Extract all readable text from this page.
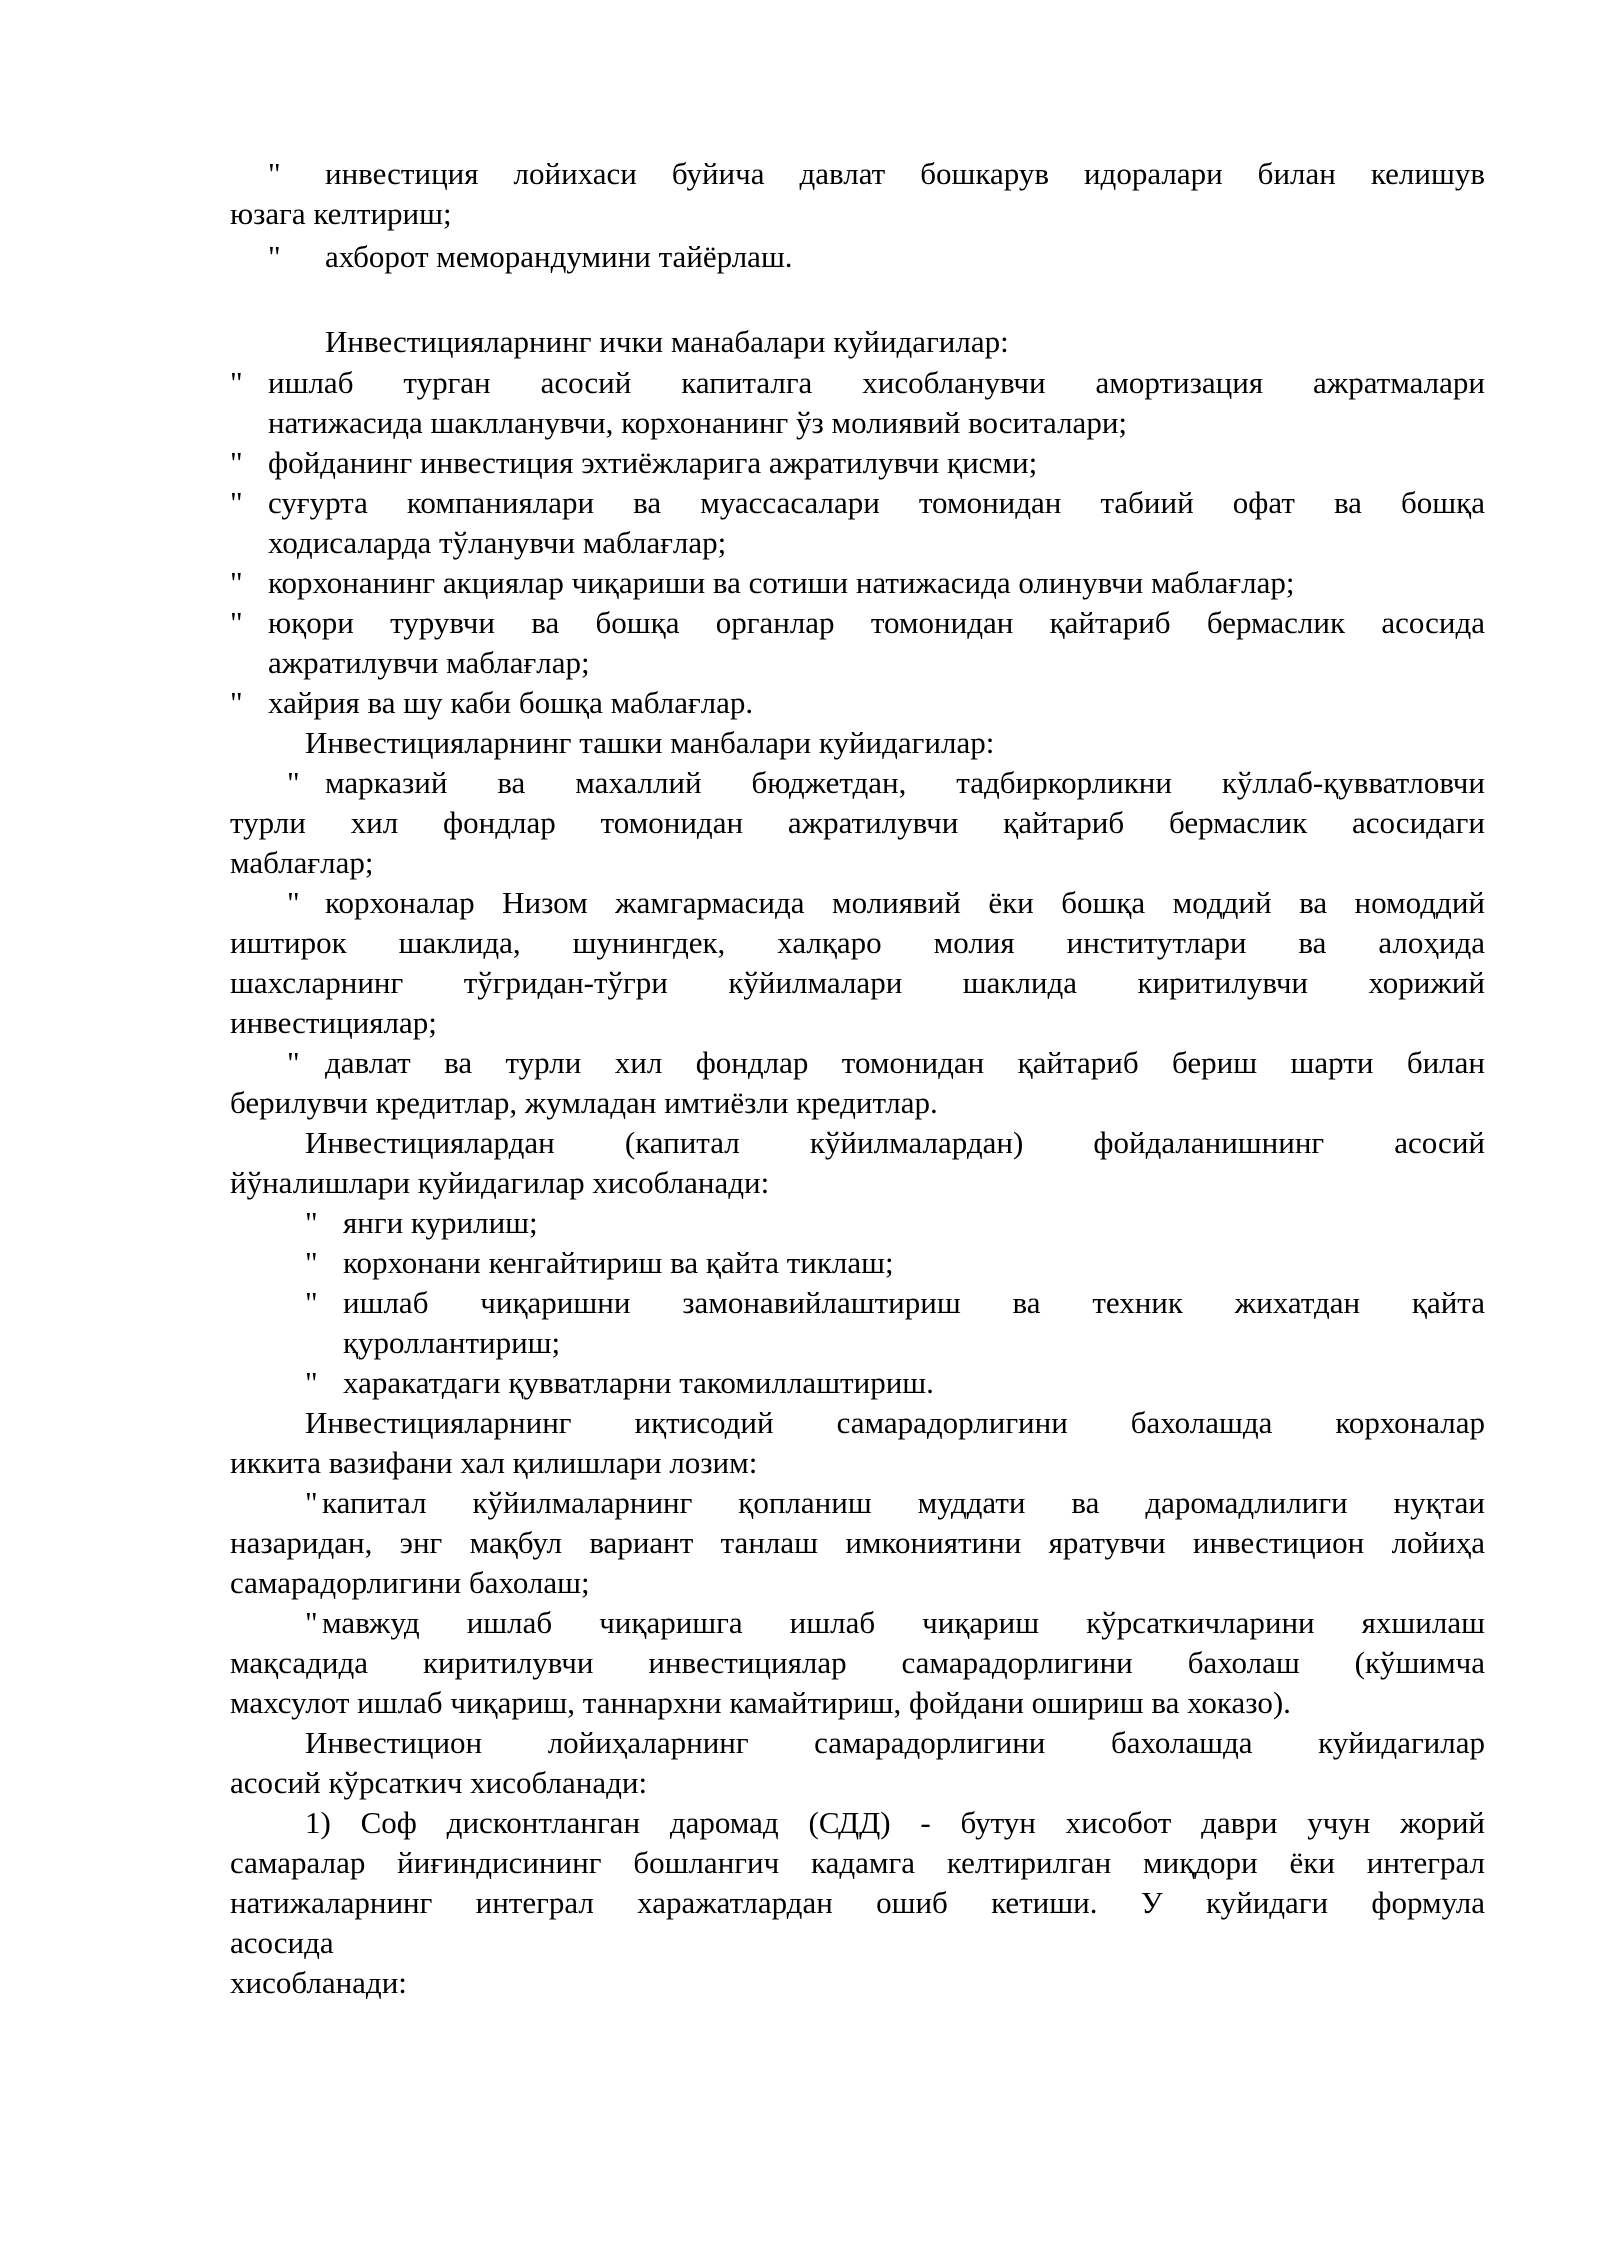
" инвестиция лойихаси буйича давлат бошкарув идоралари билан келишув
юзага келтириш;
" ахборот меморандумини тайёрлаш.
Инвестицияларнинг ички манабалари куйидагилар:
" ишлаб турган асосий капиталга хисобланувчи амортизация ажратмалари
натижасида шаклланувчи, корхонанинг ўз молиявий воситалари;
" фойданинг инвестиция эхтиёжларига ажратилувчи қисми;
" суғурта компаниялари ва муассасалари томонидан табиий офат ва бошқа
ходисаларда тўланувчи маблағлар;
" корхонанинг акциялар чиқариши ва сотиши натижасида олинувчи маблағлар;
" юқори турувчи ва бошқа органлар томонидан қайтариб бермаслик асосида
ажратилувчи маблағлар;
" хайрия ва шу каби бошқа маблағлар.
Инвестицияларнинг ташки манбалари куйидагилар:
" марказий ва махаллий бюджетдан, тадбиркорликни кўллаб-қувватловчи
турли хил фондлар томонидан ажратилувчи қайтариб бермаслик асосидаги
маблағлар;
" корхоналар Низом жамгармасида молиявий ёки бошқа моддий ва номоддий
иштирок шаклида, шунингдек, халқаро молия институтлари ва алоҳида
шахсларнинг тўгридан-тўгри кўйилмалари шаклида киритилувчи хорижий
инвестициялар;
" давлат ва турли хил фондлар томонидан қайтариб бериш шарти билан
берилувчи кредитлар, жумладан имтиёзли кредитлар.
Инвестициялардан (капитал кўйилмалардан) фойдаланишнинг асосий
йўналишлари куйидагилар хисобланади:
" янги курилиш;
" корхонани кенгайтириш ва қайта тиклаш;
" ишлаб чиқаришни замонавийлаштириш ва техник жихатдан қайта
қуроллантириш;
" харакатдаги қувватларни такомиллаштириш.
Инвестицияларнинг иқтисодий самарадорлигини бахолашда корхоналар
иккита вазифани хал қилишлари лозим:
" капитал кўйилмаларнинг қопланиш муддати ва даромадлилиги нуқтаи
назаридан, энг мақбул вариант танлаш имкониятини яратувчи инвестицион лойиҳа
самарадорлигини бахолаш;
" мавжуд ишлаб чиқаришга ишлаб чиқариш кўрсаткичларини яхшилаш
мақсадида киритилувчи инвестициялар самарадорлигини бахолаш (кўшимча
махсулот ишлаб чиқариш, таннархни камайтириш, фойдани ошириш ва хоказо).
Инвестицион лойиҳаларнинг самарадорлигини бахолашда куйидагилар
асосий кўрсаткич хисобланади:
1) Соф дисконтланган даромад (СДД) - бутун хисобот даври учун жорий
самаралар йиғиндисининг бошлангич кадамга келтирилган миқдори ёки интеграл
натижаларнинг интеграл харажатлардан ошиб кетиши. У куйидаги формула
асосида
хисобланади:
